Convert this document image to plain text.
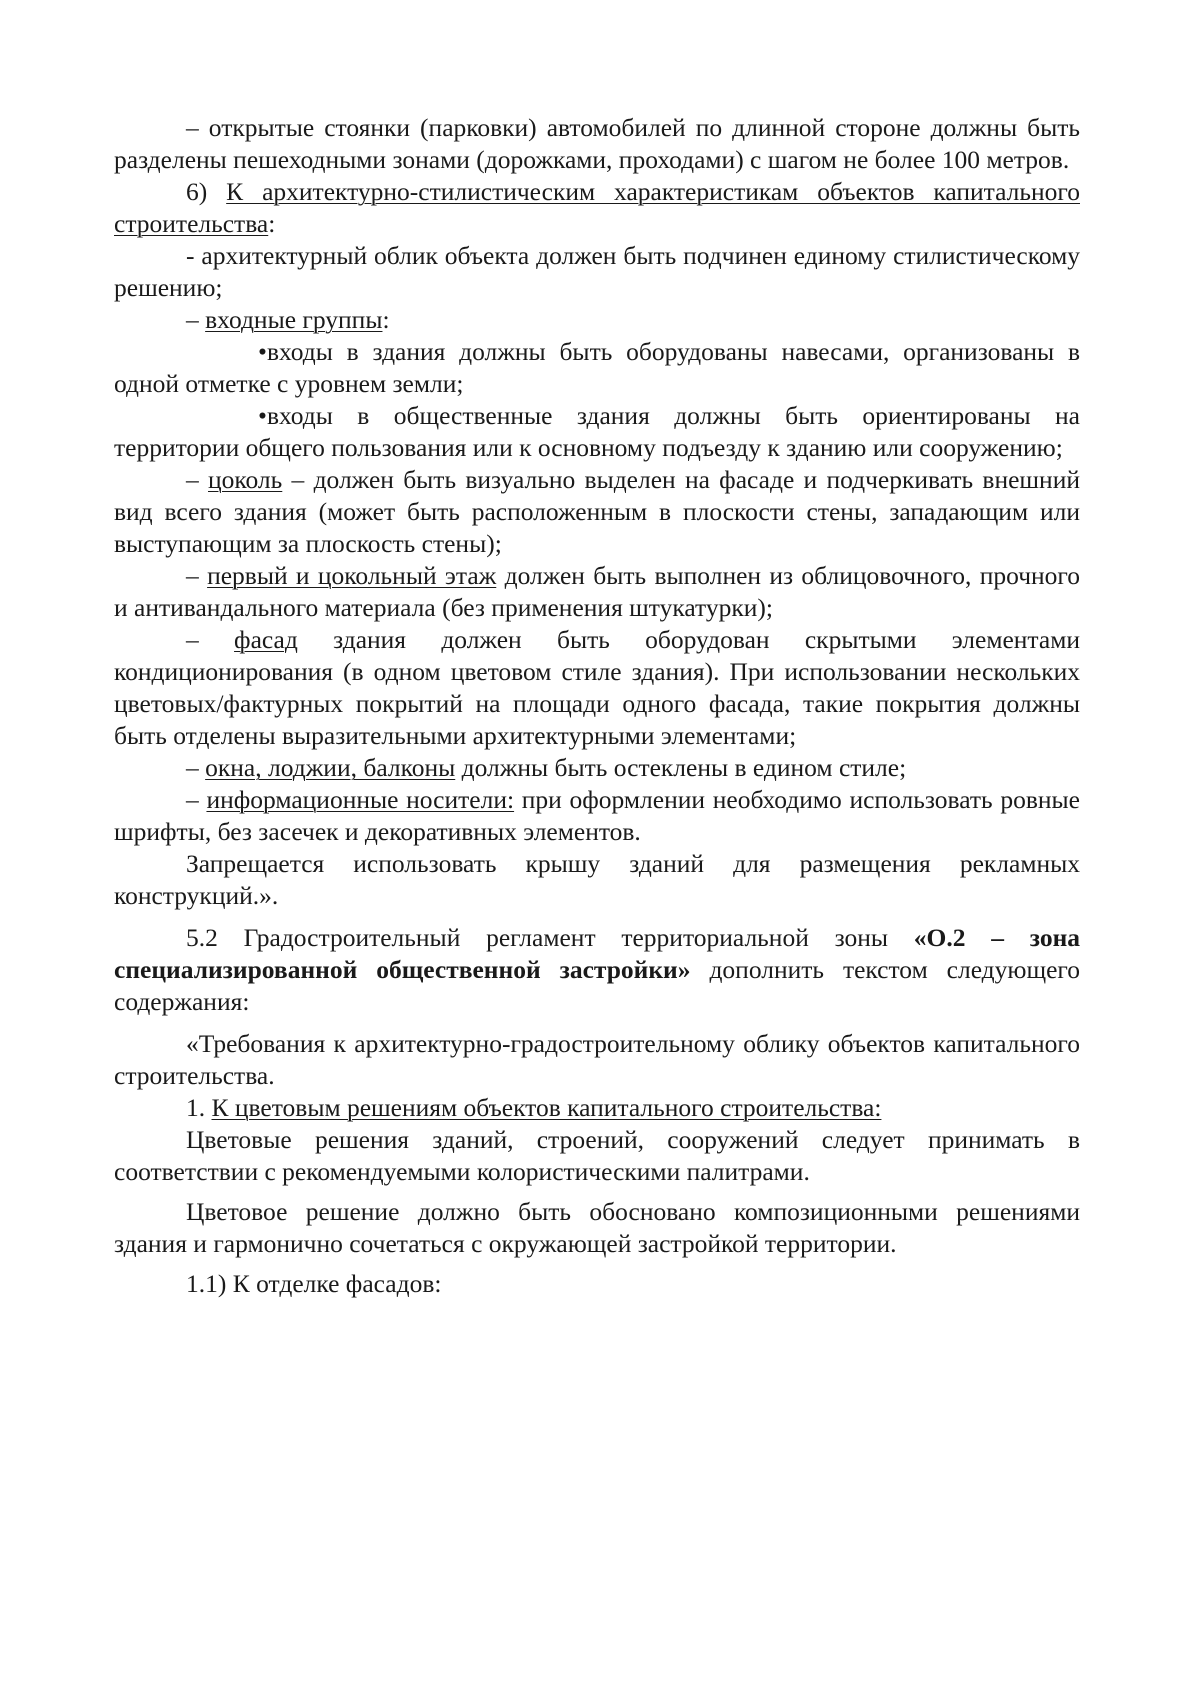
– открытые стоянки (парковки) автомобилей по длинной стороне должны быть разделены пешеходными зонами (дорожками, проходами) с шагом не более 100 метров.

6) К архитектурно-стилистическим характеристикам объектов капитального строительства:

- архитектурный облик объекта должен быть подчинен единому стилистическому решению;

– входные группы:

•входы в здания должны быть оборудованы навесами, организованы в одной отметке с уровнем земли;

•входы в общественные здания должны быть ориентированы на территории общего пользования или к основному подъезду к зданию или сооружению;

– цоколь – должен быть визуально выделен на фасаде и подчеркивать внешний вид всего здания (может быть расположенным в плоскости стены, западающим или выступающим за плоскость стены);

– первый и цокольный этаж должен быть выполнен из облицовочного, прочного и антивандального материала (без применения штукатурки);

– фасад здания должен быть оборудован скрытыми элементами кондиционирования (в одном цветовом стиле здания). При использовании нескольких цветовых/фактурных покрытий на площади одного фасада, такие покрытия должны быть отделены выразительными архитектурными элементами;

– окна, лоджии, балконы должны быть остеклены в едином стиле;

– информационные носители: при оформлении необходимо использовать ровные шрифты, без засечек и декоративных элементов.

Запрещается использовать крышу зданий для размещения рекламных конструкций.».

5.2 Градостроительный регламент территориальной зоны «О.2 – зона специализированной общественной застройки» дополнить текстом следующего содержания:

«Требования к архитектурно-градостроительному облику объектов капитального строительства.

1. К цветовым решениям объектов капитального строительства:

Цветовые решения зданий, строений, сооружений следует принимать в соответствии с рекомендуемыми колористическими палитрами.

Цветовое решение должно быть обосновано композиционными решениями здания и гармонично сочетаться с окружающей застройкой территории.

1.1) К отделке фасадов:
